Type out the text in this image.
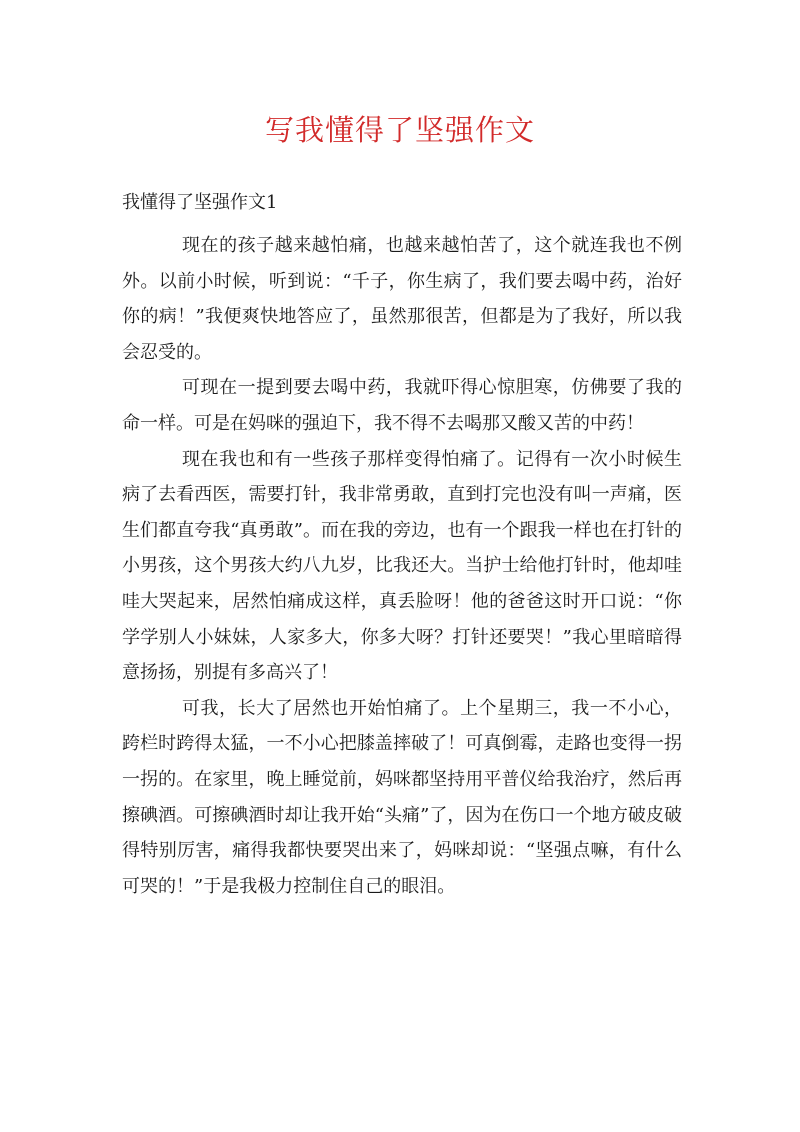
写我懂得了坚强作文

我懂得了坚强作文1

现在的孩子越来越怕痛，也越来越怕苦了，这个就连我也不例外。以前小时候，听到说：“千子，你生病了，我们要去喝中药，治好你的病！”我便爽快地答应了，虽然那很苦，但都是为了我好，所以我会忍受的。

可现在一提到要去喝中药，我就吓得心惊胆寒，仿佛要了我的命一样。可是在妈咪的强迫下，我不得不去喝那又酸又苦的中药！

现在我也和有一些孩子那样变得怕痛了。记得有一次小时候生病了去看西医，需要打针，我非常勇敢，直到打完也没有叫一声痛，医生们都直夸我“真勇敢”。而在我的旁边，也有一个跟我一样也在打针的小男孩，这个男孩大约八九岁，比我还大。当护士给他打针时，他却哇哇大哭起来，居然怕痛成这样，真丢脸呀！他的爸爸这时开口说：“你学学别人小妹妹，人家多大，你多大呀？打针还要哭！”我心里暗暗得意扬扬，别提有多高兴了！

可我，长大了居然也开始怕痛了。上个星期三，我一不小心，跨栏时跨得太猛，一不小心把膝盖摔破了！可真倒霉，走路也变得一拐一拐的。在家里，晚上睡觉前，妈咪都坚持用平普仪给我治疗，然后再擦碘酒。可擦碘酒时却让我开始“头痛”了，因为在伤口一个地方破皮破得特别厉害，痛得我都快要哭出来了，妈咪却说：“坚强点嘛，有什么可哭的！”于是我极力控制住自己的眼泪。
